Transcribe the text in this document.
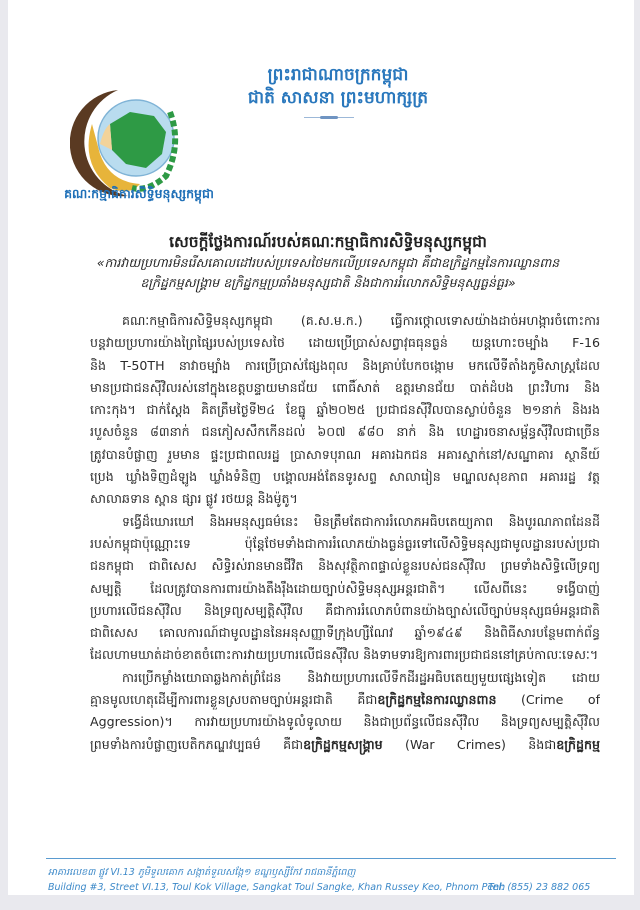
ព្រះរាជាណាចក្រកម្ពុជា
ជាតិ សាសនា ព្រះមហាក្សត្រ
គណៈកម្មាធិការសិទ្ធិមនុស្សកម្ពុជា
សេចក្តីថ្លែងការណ៍របស់គណៈកម្មាធិការសិទ្ធិមនុស្សកម្ពុជា
«ការវាយប្រហារមិនរើសគោលដៅរបស់ប្រទេសថៃមកលើប្រទេសកម្ពុជា គឺជាឧក្រិដ្ឋកម្មនៃការឈ្លានពាន
ឧក្រិដ្ឋកម្មសង្គ្រាម ឧក្រិដ្ឋកម្មប្រឆាំងមនុស្សជាតិ និងជាការរំលោភសិទ្ធិមនុស្សធ្ងន់ធ្ងរ»
គណៈកម្មាធិការសិទ្ធិមនុស្សកម្ពុជា (គ.ស.ម.ក.) ធ្វើការថ្កោលទោសយ៉ាងដាច់អហង្ការចំពោះការ
បន្តវាយប្រហារយ៉ាងព្រៃផ្សៃរបស់ប្រទេសថៃ ដោយប្រើប្រាស់សព្វាវុធធុនធ្ងន់ យន្តហោះចម្បាំង F-16
និង T-50TH នាវាចម្បាំង ការប្រើប្រាស់ផ្សែងពុល និងគ្រាប់បែកចង្កោម មកលើទីតាំងភូមិសាស្ត្រដែល
មានប្រជាជនស៊ីវិលរស់នៅក្នុងខេត្តបន្ទាយមានជ័យ ពោធិ៍សាត់ ឧត្តរមានជ័យ បាត់ដំបង ព្រះវិហារ និង
កោះកុង។ ជាក់ស្តែង គិតត្រឹមថ្ងៃទី២៤ ខែធ្នូ ឆ្នាំ២០២៥ ប្រជាជនស៊ីវិលបានស្លាប់ចំនួន ២១នាក់ និងរង
របួសចំនួន ៨៣នាក់ ជនភៀសសឹកកើនដល់ ៦០៧ ៩៨០ នាក់ និង ហេដ្ឋារចនាសម្ព័ន្ធស៊ីវិលជាច្រើន
ត្រូវបានបំផ្លាញ រួមមាន ផ្ទះប្រជាពលរដ្ឋ ប្រាសាទបុរាណ អគារឯកជន អគារស្នាក់នៅ/សណ្ឋាគារ ស្ថានីយ៍
ប្រេង ឃ្លាំងទិញដំឡូង ឃ្លាំងទំនិញ បង្គោលអង់តែនទូរសព្ទ សាលារៀន មណ្ឌលសុខភាព អគាររដ្ឋ វត្ត
សាលាឆទាន ស្ពាន ផ្សារ ផ្លូវ រថយន្ត និងម៉ូតូ។
ទង្វើដ៏ឃោរឃៅ និងអមនុស្សធម៌នេះ មិនត្រឹមតែជាការរំលោភអធិបតេយ្យភាព និងបូរណភាពដែនដី
របស់កម្ពុជាប៉ុណ្ណោះទេ ប៉ុន្តែថែមទាំងជាការរំលោភយ៉ាងធ្ងន់ធ្ងរទៅលើសិទ្ធិមនុស្សជាមូលដ្ឋានរបស់ប្រជា
ជនកម្ពុជា ជាពិសេស សិទ្ធិរស់រានមានជីវិត និងសុវត្ថិភាពផ្ទាល់ខ្លួនរបស់ជនស៊ីវិល ព្រមទាំងសិទ្ធិលើទ្រព្យ
សម្បត្តិ ដែលត្រូវបានការពារយ៉ាងតឹងរ៉ឹងដោយច្បាប់សិទ្ធិមនុស្សអន្តរជាតិ។ លើសពីនេះ ទង្វើបាញ់
ប្រហារលើជនស៊ីវិល និងទ្រព្យសម្បត្តិស៊ីវិល គឺជាការរំលោភបំពានយ៉ាងច្បាស់លើច្បាប់មនុស្សធម៌អន្តរជាតិ
ជាពិសេស គោលការណ៍ជាមូលដ្ឋាននៃអនុសញ្ញាទីក្រុងហ្សឺណែវ ឆ្នាំ១៩៤៩ និងពិធីសារបន្ថែមពាក់ព័ន្ធ
ដែលហាមឃាត់ដាច់ខាតចំពោះការវាយប្រហារលើជនស៊ីវិល និងទាមទារឱ្យការពារប្រជាជននៅគ្រប់កាលៈទេសៈ។
ការប្រើកម្លាំងយោធាឆ្លងកាត់ព្រំដែន និងវាយប្រហារលើទឹកដីរដ្ឋអធិបតេយ្យមួយផ្សេងទៀត ដោយ
គ្មានមូលហេតុដើម្បីការពារខ្លួនស្របតាមច្បាប់អន្តរជាតិ គឺជាឧក្រិដ្ឋកម្មនៃការឈ្លានពាន (Crime of
Aggression)។ ការវាយប្រហារយ៉ាងទូលំទូលាយ និងជាប្រព័ន្ធលើជនស៊ីវិល និងទ្រព្យសម្បត្តិស៊ីវិល
ព្រមទាំងការបំផ្លាញបេតិកភណ្ឌវប្បធម៌ គឺជាឧក្រិដ្ឋកម្មសង្គ្រាម (War Crimes) និងជាឧក្រិដ្ឋកម្ម
អាគារលេខ៣ ផ្លូវ VI.13 ភូមិទួលគោក សង្កាត់ទួលសង្កែ១ ខណ្ឌឫស្សីកែវ រាជធានីភ្នំពេញ
Building #3, Street VI.13, Toul Kok Village, Sangkat Toul Sangke, Khan Russey Keo, Phnom Penh
Tel: (855) 23 882 065
